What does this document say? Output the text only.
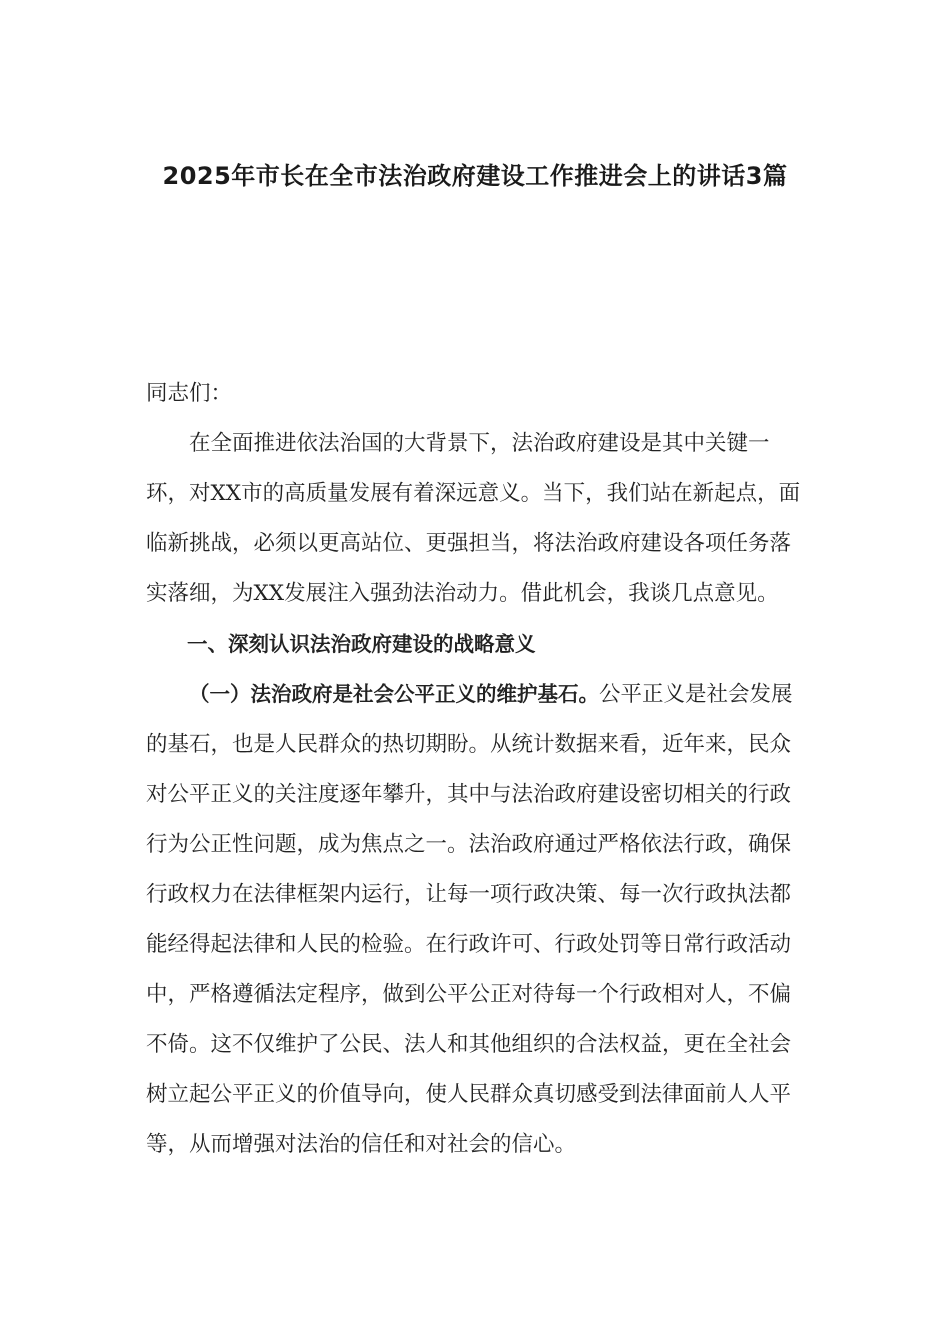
2025年市长在全市法治政府建设工作推进会上的讲话3篇

同志们：

在全面推进依法治国的大背景下，法治政府建设是其中关键一环，对XX市的高质量发展有着深远意义。当下，我们站在新起点，面临新挑战，必须以更高站位、更强担当，将法治政府建设各项任务落实落细，为XX发展注入强劲法治动力。借此机会，我谈几点意见。

一、深刻认识法治政府建设的战略意义

（一）法治政府是社会公平正义的维护基石。公平正义是社会发展的基石，也是人民群众的热切期盼。从统计数据来看，近年来，民众对公平正义的关注度逐年攀升，其中与法治政府建设密切相关的行政行为公正性问题，成为焦点之一。法治政府通过严格依法行政，确保行政权力在法律框架内运行，让每一项行政决策、每一次行政执法都能经得起法律和人民的检验。在行政许可、行政处罚等日常行政活动中，严格遵循法定程序，做到公平公正对待每一个行政相对人，不偏不倚。这不仅维护了公民、法人和其他组织的合法权益，更在全社会树立起公平正义的价值导向，使人民群众真切感受到法律面前人人平等，从而增强对法治的信任和对社会的信心。
